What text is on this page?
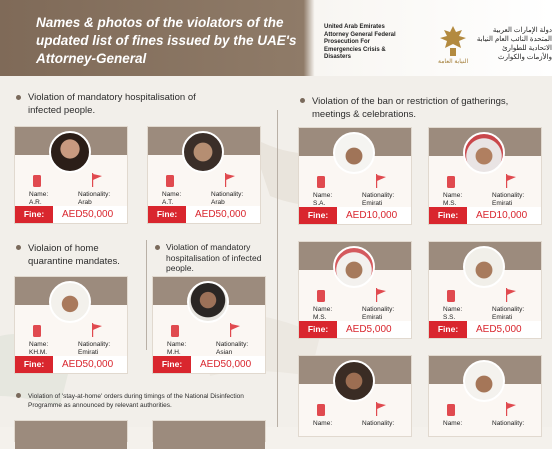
Names & photos of the violators of the updated list of fines issued by the UAE's Attorney-General
United Arab Emirates Attorney General Federal Prosecution For Emergencies Crisis & Disasters
النيابة العامة
دولة الإمارات العربية المتحدة النائب العام النيابة الاتحادية للطوارئ والأزمات والكوارث
Violation of mandatory hospitalisation of infected people.
Violation of the ban or restriction of gatherings, meetings & celebrations.
Violaion of home quarantine mandates.
Violation of mandatory hospitalisation of infected people.
Violation of 'stay-at-home' orders during timings of the National Disinfection Programme as announced by relevant authorities.
Name:
A.R.
Nationality:
Arab
Fine:	AED50,000
Name:
A.T.
Nationality:
Arab
Fine:	AED50,000
Name:
KH.M.
Nationality:
Emirati
Fine:	AED50,000
Name:
M.H.
Nationality:
Asian
Fine:	AED50,000
Name:
S.A.
Nationality:
Emirati
Fine:	AED10,000
Name:
M.S.
Nationality:
Emirati
Fine:	AED10,000
Name:
M.S.
Nationality:
Emirati
Fine:	AED5,000
Name:
S.S.
Nationality:
Emirati
Fine:	AED5,000
Name:	Nationality:	Name:	Nationality:
